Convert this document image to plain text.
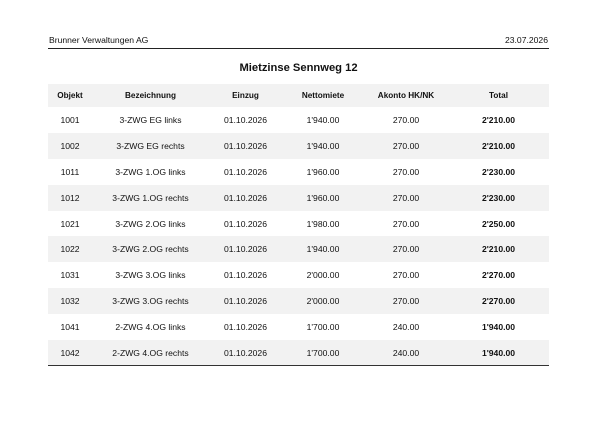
Brunner Verwaltungen AG	23.07.2026
Mietzinse Sennweg 12
Objekt	Bezeichnung	Einzug	Nettomiete	Akonto HK/NK	Total
1001	3-ZWG EG links	01.10.2026	1'940.00	270.00	2'210.00
1002	3-ZWG EG rechts	01.10.2026	1'940.00	270.00	2'210.00
1011	3-ZWG 1.OG links	01.10.2026	1'960.00	270.00	2'230.00
1012	3-ZWG 1.OG rechts	01.10.2026	1'960.00	270.00	2'230.00
1021	3-ZWG 2.OG links	01.10.2026	1'980.00	270.00	2'250.00
1022	3-ZWG 2.OG rechts	01.10.2026	1'940.00	270.00	2'210.00
1031	3-ZWG 3.OG links	01.10.2026	2'000.00	270.00	2'270.00
1032	3-ZWG 3.OG rechts	01.10.2026	2'000.00	270.00	2'270.00
1041	2-ZWG 4.OG links	01.10.2026	1'700.00	240.00	1'940.00
1042	2-ZWG 4.OG rechts	01.10.2026	1'700.00	240.00	1'940.00
